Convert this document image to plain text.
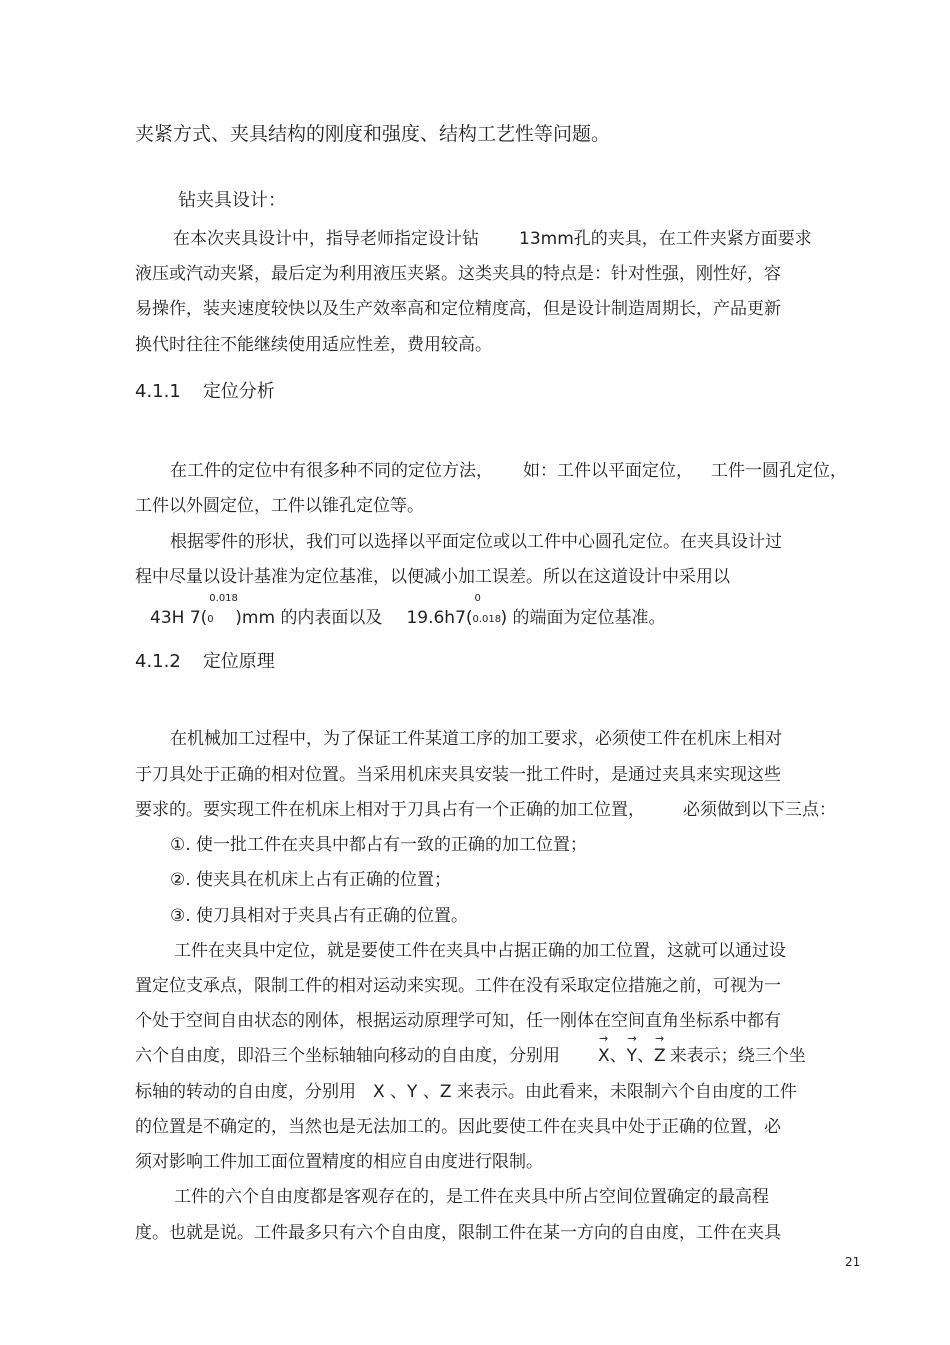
夹紧方式、夹具结构的刚度和强度、结构工艺性等问题。
钻夹具设计：
在本次夹具设计中，指导老师指定设计钻 13mm孔的夹具，在工件夹紧方面要求
液压或汽动夹紧，最后定为利用液压夹紧。这类夹具的特点是：针对性强，刚性好，容
易操作，装夹速度较快以及生产效率高和定位精度高，但是设计制造周期长，产品更新
换代时往往不能继续使用适应性差，费用较高。
4.1.1 定位分析
在工件的定位中有很多种不同的定位方法， 如：工件以平面定位， 工件一圆孔定位，
工件以外圆定位，工件以锥孔定位等。
根据零件的形状，我们可以选择以平面定位或以工件中心圆孔定位。在夹具设计过
程中尽量以设计基准为定位基准，以便减小加工误差。所以在这道设计中采用以
43H 7(
0.018
0 )mm 的内表面以及 19.6h7(
0
0.018 ) 的端面为定位基准。
4.1.2 定位原理
在机械加工过程中，为了保证工件某道工序的加工要求，必须使工件在机床上相对
于刀具处于正确的相对位置。当采用机床夹具安装一批工件时，是通过夹具来实现这些
要求的。要实现工件在机床上相对于刀具占有一个正确的加工位置， 必须做到以下三点：
①. 使一批工件在夹具中都占有一致的正确的加工位置；
②. 使夹具在机床上占有正确的位置；
③. 使刀具相对于夹具占有正确的位置。
工件在夹具中定位，就是要使工件在夹具中占据正确的加工位置，这就可以通过设
置定位支承点，限制工件的相对运动来实现。工件在没有采取定位措施之前，可视为一
个处于空间自由状态的刚体，根据运动原理学可知，任一刚体在空间直角坐标系中都有
六个自由度，即沿三个坐标轴轴向移动的自由度，分别用
→
X、
→
Y、
→
Z 来表示；绕三个坐
标轴的转动的自由度，分别用　X 、Y 、Z 来表示。由此看来，未限制六个自由度的工件
的位置是不确定的，当然也是无法加工的。因此要使工件在夹具中处于正确的位置，必
须对影响工件加工面位置精度的相应自由度进行限制。
工件的六个自由度都是客观存在的，是工件在夹具中所占空间位置确定的最高程
度。也就是说。工件最多只有六个自由度，限制工件在某一方向的自由度，工件在夹具
21
